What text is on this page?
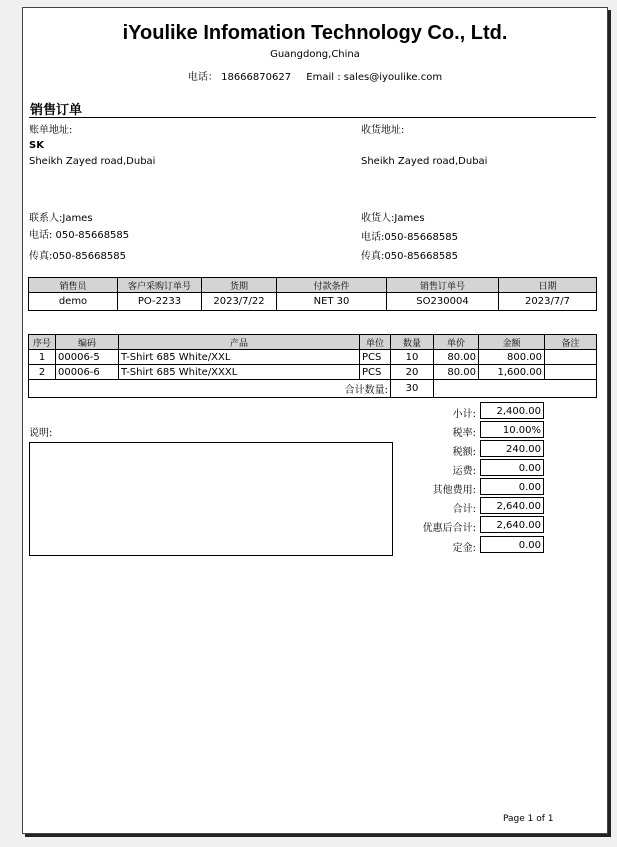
iYoulike Infomation Technology Co., Ltd.
Guangdong,China
电话： 18666870627 Email : sales@iyoulike.com
销售订单
账单地址:
SK
Sheikh Zayed road,Dubai
联系人:James
电话: 050-85668585
传真:050-85668585
收货地址:
Sheikh Zayed road,Dubai
收货人:James
电话:050-85668585
传真:050-85668585
销售员	客户采购订单号	货期	付款条件	销售订单号	日期
demo	PO-2233	2023/7/22	NET 30	SO230004	2023/7/7
序号	编码	产品	单位	数量	单价	金额	备注
1	00006-5	T-Shirt 685 White/XXL	PCS	10	80.00	800.00	
2	00006-6	T-Shirt 685 White/XXXL	PCS	20	80.00	1,600.00	
合计数量:				30			
说明:
小计:	2,400.00
税率:	10.00%
税额:	240.00
运费:	0.00
其他费用:	0.00
合计:	2,640.00
优惠后合计:	2,640.00
定金:	0.00
Page 1 of 1
